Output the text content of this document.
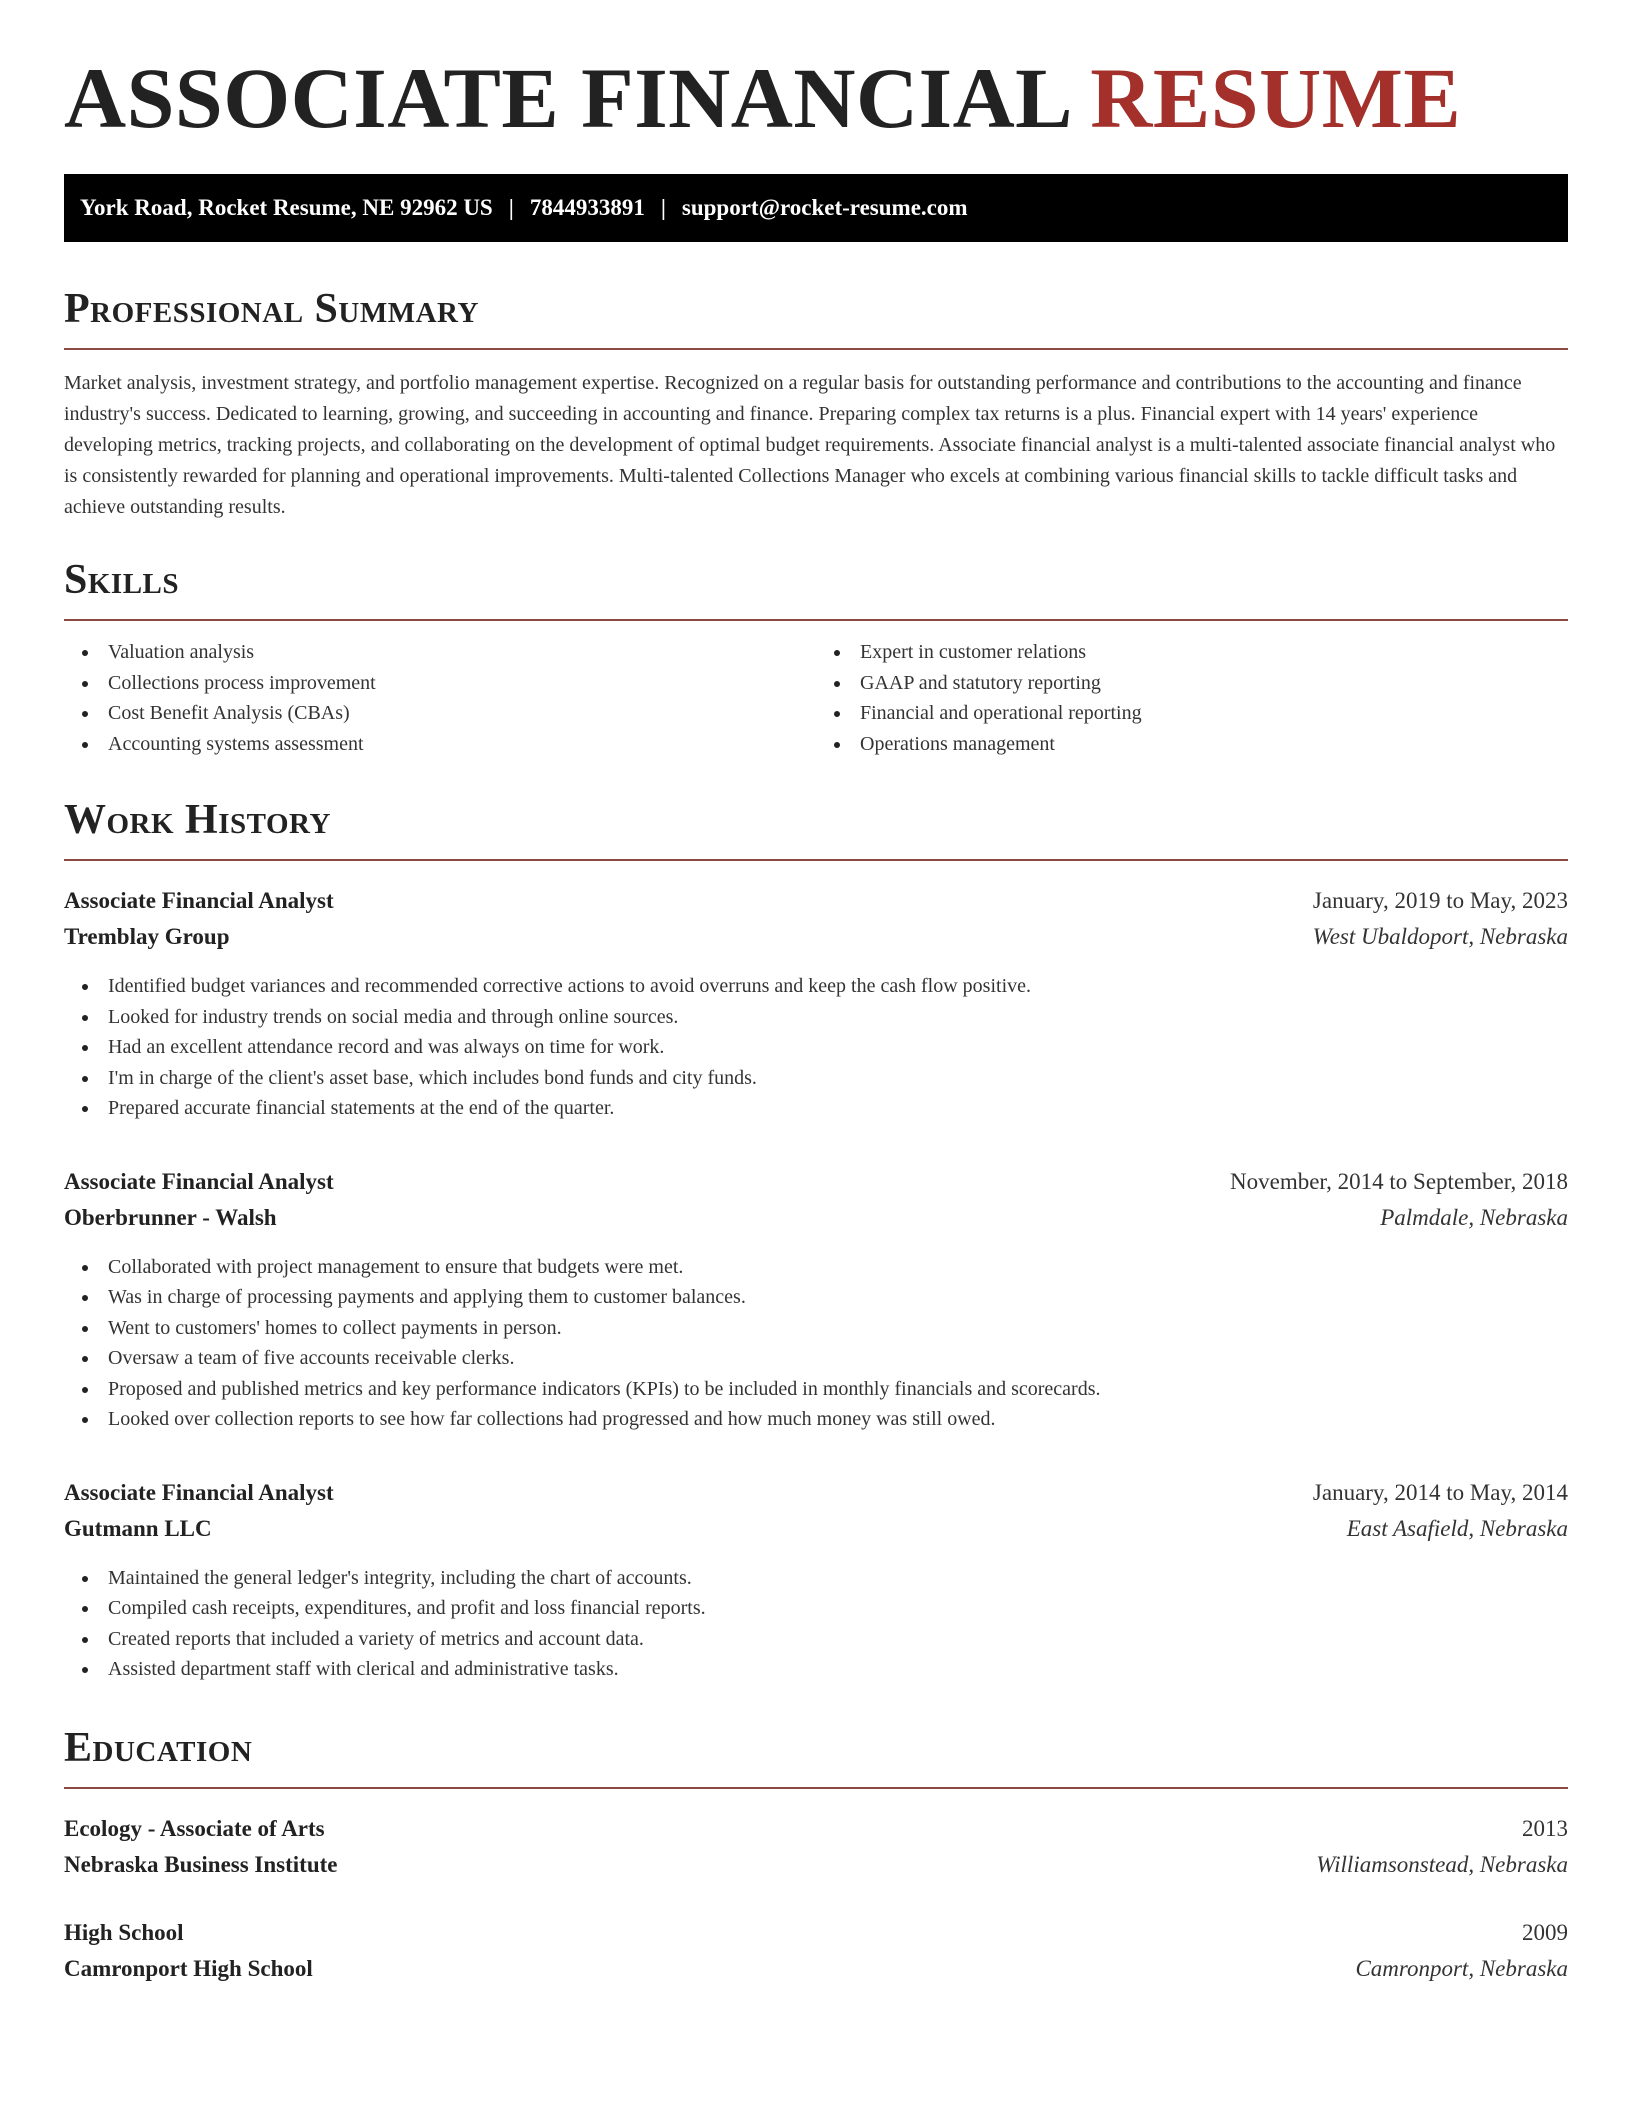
ASSOCIATE FINANCIAL RESUME
York Road, Rocket Resume, NE 92962 US | 7844933891 | support@rocket-resume.com
Professional Summary

Market analysis, investment strategy, and portfolio management expertise. Recognized on a regular basis for outstanding performance and contributions to the accounting and finance industry's success. Dedicated to learning, growing, and succeeding in accounting and finance. Preparing complex tax returns is a plus. Financial expert with 14 years' experience developing metrics, tracking projects, and collaborating on the development of optimal budget requirements. Associate financial analyst is a multi-talented associate financial analyst who is consistently rewarded for planning and operational improvements. Multi-talented Collections Manager who excels at combining various financial skills to tackle difficult tasks and achieve outstanding results.

Skills
Valuation analysis
Collections process improvement
Cost Benefit Analysis (CBAs)
Accounting systems assessment
Expert in customer relations
GAAP and statutory reporting
Financial and operational reporting
Operations management
Work History
Associate Financial Analyst	January, 2019 to May, 2023
Tremblay Group	West Ubaldoport, Nebraska
Identified budget variances and recommended corrective actions to avoid overruns and keep the cash flow positive.
Looked for industry trends on social media and through online sources.
Had an excellent attendance record and was always on time for work.
I'm in charge of the client's asset base, which includes bond funds and city funds.
Prepared accurate financial statements at the end of the quarter.
Associate Financial Analyst	November, 2014 to September, 2018
Oberbrunner - Walsh	Palmdale, Nebraska
Collaborated with project management to ensure that budgets were met.
Was in charge of processing payments and applying them to customer balances.
Went to customers' homes to collect payments in person.
Oversaw a team of five accounts receivable clerks.
Proposed and published metrics and key performance indicators (KPIs) to be included in monthly financials and scorecards.
Looked over collection reports to see how far collections had progressed and how much money was still owed.
Associate Financial Analyst	January, 2014 to May, 2014
Gutmann LLC	East Asafield, Nebraska
Maintained the general ledger's integrity, including the chart of accounts.
Compiled cash receipts, expenditures, and profit and loss financial reports.
Created reports that included a variety of metrics and account data.
Assisted department staff with clerical and administrative tasks.
Education
Ecology - Associate of Arts	2013
Nebraska Business Institute	Williamsonstead, Nebraska
High School	2009
Camronport High School	Camronport, Nebraska
